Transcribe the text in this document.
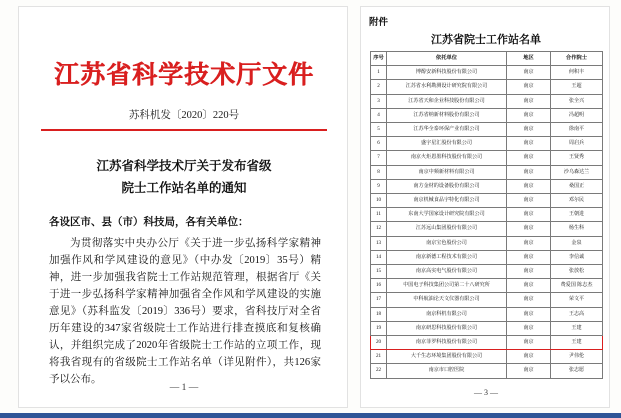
江苏省科学技术厅文件
苏科机发〔2020〕220号
江苏省科学技术厅关于发布省级
院士工作站名单的通知
各设区市、县（市）科技局，各有关单位：

为贯彻落实中央办公厅《关于进一步弘扬科学家精神加强作风和学风建设的意见》（中办发〔2019〕35号）精神，进一步加强我省院士工作站规范管理，根据省厅《关于进一步弘扬科学家精神加强省全作风和学风建设的实施意见》（苏科监发〔2019〕336号）要求，省科技厅对全省历年建设的347家省级院士工作站进行排查摸底和复核确认，并组织完成了2020年省级院士工作站的立项工作，现将我省现有的省级院士工作站名单（详见附件），共126家予以公布。

— 1 —
附件
江苏省院士工作站名单
序号	依托单位	地区	合作院士
1	博醇安新科技股份有限公司	南京	何积丰
2	江苏省水利勘测设计研究院有限公司	南京	王超
3	江苏省天和企业科技股份有限公司	南京	张全兴
4	江苏省纳新材料股份有限公司	南京	冯超明
5	江苏华全泰环保产业有限公司	南京	徐南平
6	盛宇星汇股份有限公司	南京	周启兵
7	南京火炬恩墨科技股份有限公司	南京	王贤秀
8	南京中频新材料有限公司	南京	沙乌森达兰
9	南方金材的设备股份有限公司	南京	桑国正
10	南京机械食品宇特化有限公司	南京	邓尔民
11	东南大学国家设计研究院有限公司	南京	王朝进
12	江苏远山集团股份有限公司	南京	杨生科
13	南京宝色股份公司	南京	金泉
14	南京新德工程技术有限公司	南京	李信诚
15	南京高实电气股份有限公司	南京	张放松
16	中国电子科技集团公司第二十八研究所	南京	费爱国 陈志杰
17	中科航油论天文仪器有限公司	南京	荣文平
18	南京科机有限公司	南京	王志高
19	南京研思科技股份有限公司	南京	王建
20	南京菲罗科技股份有限公司	南京	王建
21	大千生态环境集团股份有限公司	南京	尹伟伦
22	南京市口腔医院	南京	张志愿
— 3 —
